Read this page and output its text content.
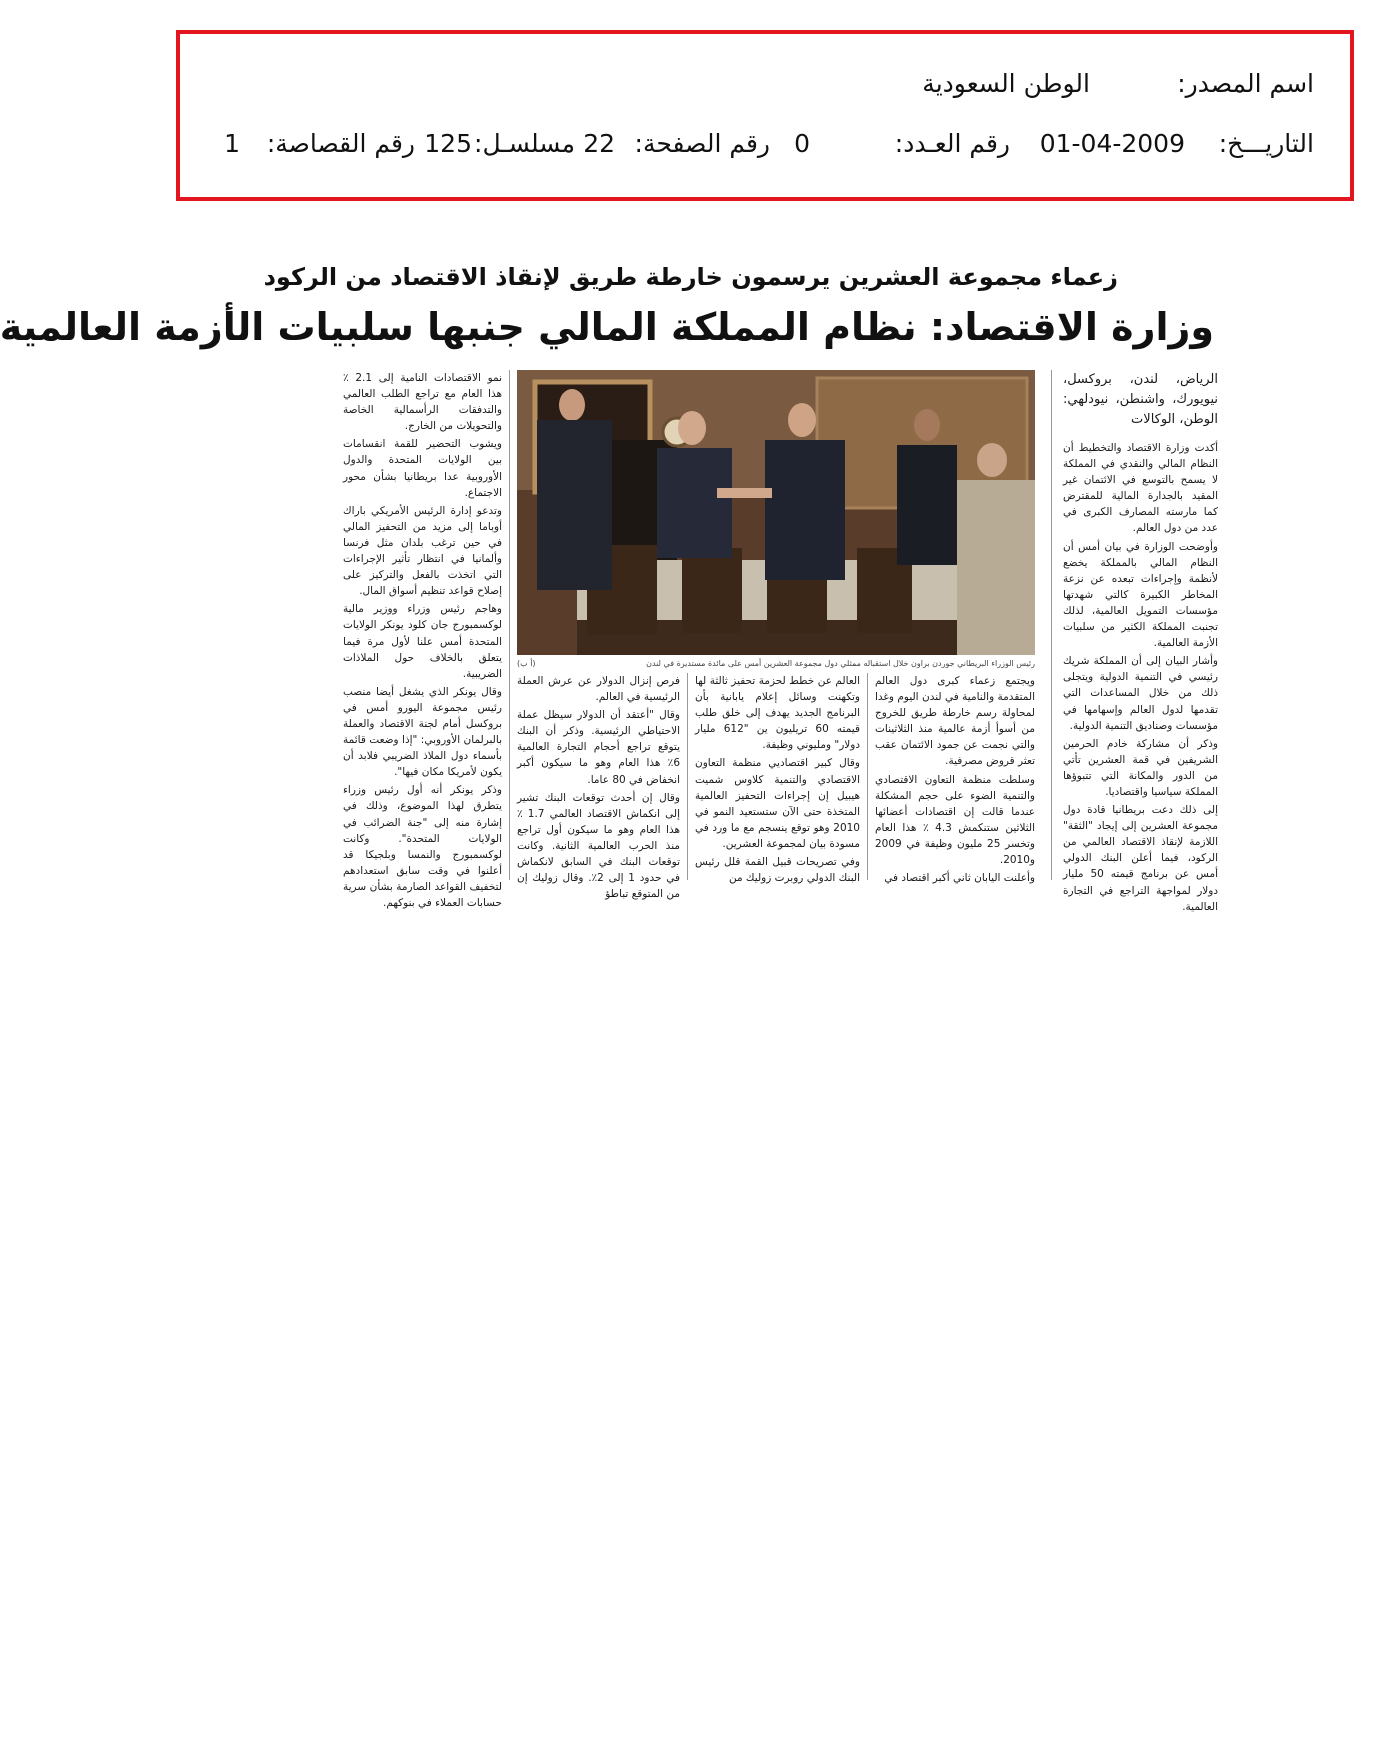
اسم المصدر:
الوطن السعودية
التاريـــخ:
01-04-2009
رقم العـدد:
0
رقم الصفحة:
22
مسلسـل:
125
رقم القصاصة:
1
زعماء مجموعة العشرين يرسمون خارطة طريق لإنقاذ الاقتصاد من الركود
وزارة الاقتصاد: نظام المملكة المالي جنبها سلبيات الأزمة العالمية
الرياض، لندن، بروكسل، نيويورك، واشنطن، نيودلهي: الوطن، الوكالات

أكدت وزارة الاقتصاد والتخطيط أن النظام المالي والنقدي في المملكة لا يسمح بالتوسع في الائتمان غير المقيد بالجدارة المالية للمقترض كما مارسته المصارف الكبرى في عدد من دول العالم.

وأوضحت الوزارة في بيان أمس أن النظام المالي بالمملكة يخضع لأنظمة وإجراءات تبعده عن نزعة المخاطر الكبيرة كالتي شهدتها مؤسسات التمويل العالمية، لذلك تجنبت المملكة الكثير من سلبيات الأزمة العالمية.

وأشار البيان إلى أن المملكة شريك رئيسي في التنمية الدولية ويتجلى ذلك من خلال المساعدات التي تقدمها لدول العالم وإسهامها في مؤسسات وصناديق التنمية الدولية.

وذكر أن مشاركة خادم الحرمين الشريفين في قمة العشرين تأتي من الدور والمكانة التي تتبوؤها المملكة سياسيا واقتصاديا.

إلى ذلك دعت بريطانيا قادة دول مجموعة العشرين إلى إيجاد "الثقة" اللازمة لإنقاذ الاقتصاد العالمي من الركود، فيما أعلن البنك الدولي أمس عن برنامج قيمته 50 مليار دولار لمواجهة التراجع في التجارة العالمية.

رئيس الوزراء البريطاني جوردن براون خلال استقباله ممثلي دول مجموعة العشرين أمس على مائدة مستديرة في لندن
(أ ب)

ويجتمع زعماء كبرى دول العالم المتقدمة والنامية في لندن اليوم وغدا لمحاولة رسم خارطة طريق للخروج من أسوأ أزمة عالمية منذ الثلاثينات والتي نجمت عن جمود الائتمان عقب تعثر قروض مصرفية.

وسلطت منظمة التعاون الاقتصادي والتنمية الضوء على حجم المشكلة عندما قالت إن اقتصادات أعضائها الثلاثين ستنكمش 4.3 ٪ هذا العام وتخسر 25 مليون وظيفة في 2009 و2010.

وأعلنت اليابان ثاني أكبر اقتصاد في

العالم عن خطط لحزمة تحفيز ثالثة لها وتكهنت وسائل إعلام يابانية بأن البرنامج الجديد يهدف إلى خلق طلب قيمته 60 تريليون ين "612 مليار دولار" ومليوني وظيفة.

وقال كبير اقتصاديي منظمة التعاون الاقتصادي والتنمية كلاوس شميت هيبيل إن إجراءات التحفيز العالمية المتخذة حتى الآن ستستعيد النمو في 2010 وهو توقع ينسجم مع ما ورد في مسودة بيان لمجموعة العشرين.

وفي تصريحات قبيل القمة قلل رئيس البنك الدولي روبرت زوليك من

فرص إنزال الدولار عن عرش العملة الرئيسية في العالم.

وقال "أعتقد أن الدولار سيظل عملة الاحتياطي الرئيسية. وذكر أن البنك يتوقع تراجع أحجام التجارة العالمية 6٪ هذا العام وهو ما سيكون أكبر انخفاض في 80 عاما.

وقال إن أحدث توقعات البنك تشير إلى انكماش الاقتصاد العالمي 1.7 ٪ هذا العام وهو ما سيكون أول تراجع منذ الحرب العالمية الثانية. وكانت توقعات البنك في السابق لانكماش في حدود 1 إلى 2٪. وقال زوليك إن من المتوقع تباطؤ

نمو الاقتصادات النامية إلى 2.1 ٪ هذا العام مع تراجع الطلب العالمي والتدفقات الرأسمالية الخاصة والتحويلات من الخارج.

ويشوب التحضير للقمة انقسامات بين الولايات المتحدة والدول الأوروبية عدا بريطانيا بشأن محور الاجتماع.

وتدعو إدارة الرئيس الأمريكي باراك أوباما إلى مزيد من التحفيز المالي في حين ترغب بلدان مثل فرنسا وألمانيا في انتظار تأثير الإجراءات التي اتخذت بالفعل والتركيز على إصلاح قواعد تنظيم أسواق المال.

وهاجم رئيس وزراء ووزير مالية لوكسمبورج جان كلود يونكر الولايات المتحدة أمس علنا لأول مرة فيما يتعلق بالخلاف حول الملاذات الضريبية.

وقال يونكر الذي يشغل أيضا منصب رئيس مجموعة اليورو أمس في بروكسل أمام لجنة الاقتصاد والعملة بالبرلمان الأوروبي: "إذا وضعت قائمة بأسماء دول الملاذ الضريبي فلابد أن يكون لأمريكا مكان فيها".

وذكر يونكر أنه أول رئيس وزراء يتطرق لهذا الموضوع، وذلك في إشارة منه إلى "جنة الضرائب في الولايات المتحدة". وكانت لوكسمبورج والنمسا وبلجيكا قد أعلنوا في وقت سابق استعدادهم لتخفيف القواعد الصارمة بشأن سرية حسابات العملاء في بنوكهم.
